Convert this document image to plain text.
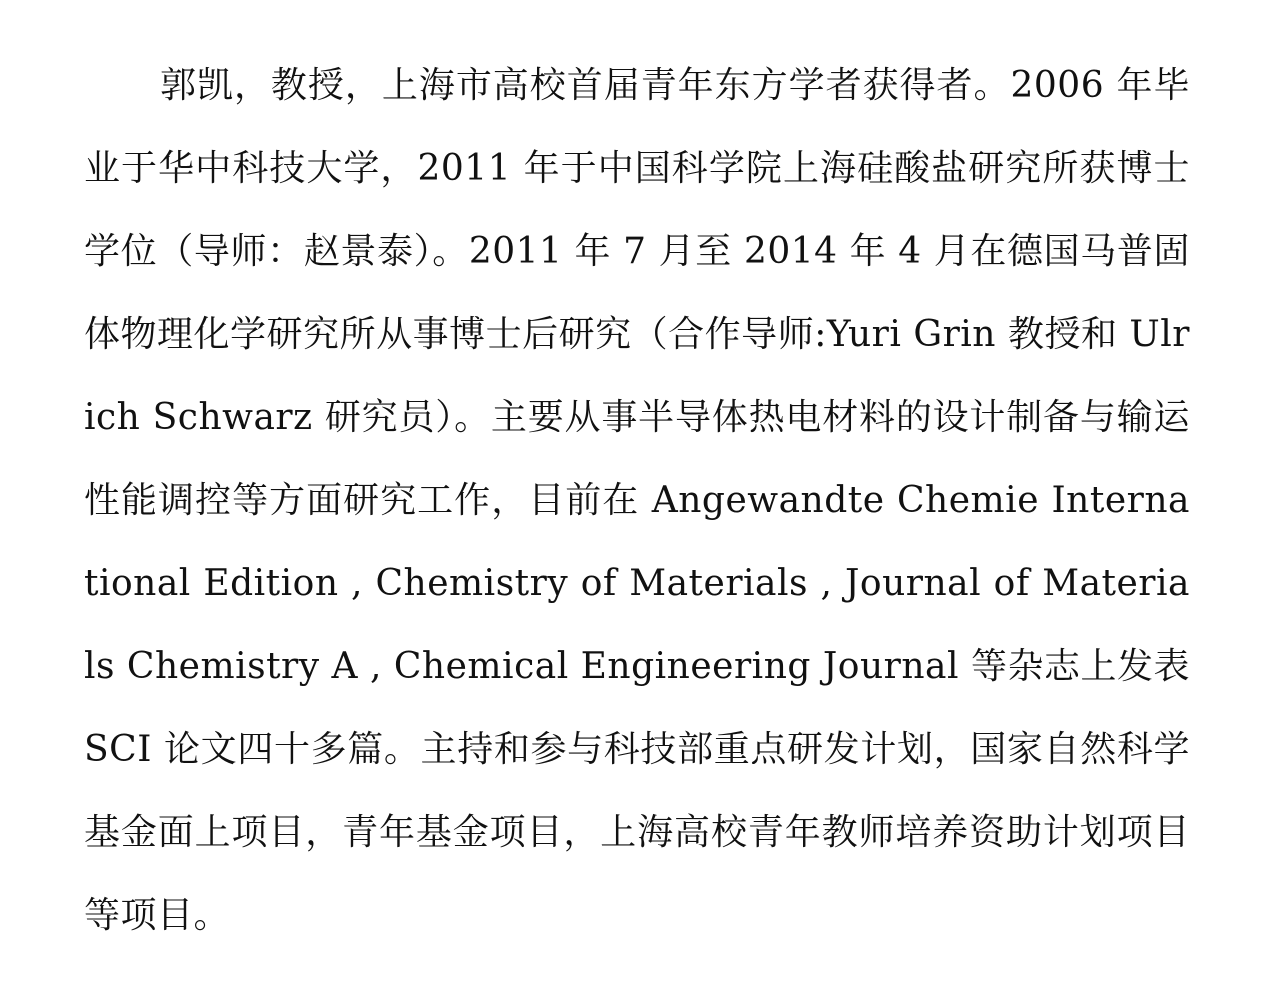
郭凯，教授，上海市高校首届青年东方学者获得者。2006 年毕业于华中科技大学，2011 年于中国科学院上海硅酸盐研究所获博士学位（导师：赵景泰）。2011 年 7 月至 2014 年 4 月在德国马普固体物理化学研究所从事博士后研究（合作导师:Yuri Grin 教授和 Ulrich Schwarz 研究员）。主要从事半导体热电材料的设计制备与输运性能调控等方面研究工作，目前在 Angewandte Chemie International Edition , Chemistry of Materials , Journal of Materials Chemistry A , Chemical Engineering Journal 等杂志上发表 SCI 论文四十多篇。主持和参与科技部重点研发计划，国家自然科学基金面上项目，青年基金项目，上海高校青年教师培养资助计划项目等项目。
